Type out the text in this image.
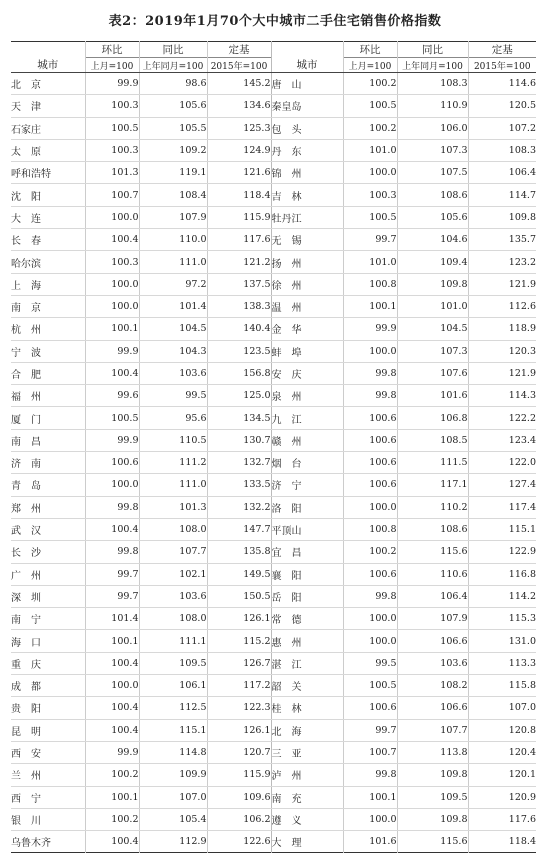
表2：2019年1月70个大中城市二手住宅销售价格指数
城市	环比	同比	定基	城市	环比	同比	定基
	上月=100	上年同月=100	2015年=100		上月=100	上年同月=100	2015年=100
北　京	99.9	98.6	145.2	唐　山	100.2	108.3	114.6
天　津	100.3	105.6	134.6	秦皇岛	100.5	110.9	120.5
石家庄	100.5	105.5	125.3	包　头	100.2	106.0	107.2
太　原	100.3	109.2	124.9	丹　东	101.0	107.3	108.3
呼和浩特	101.3	119.1	121.6	锦　州	100.0	107.5	106.4
沈　阳	100.7	108.4	118.4	吉　林	100.3	108.6	114.7
大　连	100.0	107.9	115.9	牡丹江	100.5	105.6	109.8
长　春	100.4	110.0	117.6	无　锡	99.7	104.6	135.7
哈尔滨	100.3	111.0	121.2	扬　州	101.0	109.4	123.2
上　海	100.0	97.2	137.5	徐　州	100.8	109.8	121.9
南　京	100.0	101.4	138.3	温　州	100.1	101.0	112.6
杭　州	100.1	104.5	140.4	金　华	99.9	104.5	118.9
宁　波	99.9	104.3	123.5	蚌　埠	100.0	107.3	120.3
合　肥	100.4	103.6	156.8	安　庆	99.8	107.6	121.9
福　州	99.6	99.5	125.0	泉　州	99.8	101.6	114.3
厦　门	100.5	95.6	134.5	九　江	100.6	106.8	122.2
南　昌	99.9	110.5	130.7	赣　州	100.6	108.5	123.4
济　南	100.6	111.2	132.7	烟　台	100.6	111.5	122.0
青　岛	100.0	111.0	133.5	济　宁	100.6	117.1	127.4
郑　州	99.8	101.3	132.2	洛　阳	100.0	110.2	117.4
武　汉	100.4	108.0	147.7	平顶山	100.8	108.6	115.1
长　沙	99.8	107.7	135.8	宜　昌	100.2	115.6	122.9
广　州	99.7	102.1	149.5	襄　阳	100.6	110.6	116.8
深　圳	99.7	103.6	150.5	岳　阳	99.8	106.4	114.2
南　宁	101.4	108.0	126.1	常　德	100.0	107.9	115.3
海　口	100.1	111.1	115.2	惠　州	100.0	106.6	131.0
重　庆	100.4	109.5	126.7	湛　江	99.5	103.6	113.3
成　都	100.0	106.1	117.2	韶　关	100.5	108.2	115.8
贵　阳	100.4	112.5	122.3	桂　林	100.6	106.6	107.0
昆　明	100.4	115.1	126.1	北　海	99.7	107.7	120.8
西　安	99.9	114.8	120.7	三　亚	100.7	113.8	120.4
兰　州	100.2	109.9	115.9	泸　州	99.8	109.8	120.1
西　宁	100.1	107.0	109.6	南　充	100.1	109.5	120.9
银　川	100.2	105.4	106.2	遵　义	100.0	109.8	117.6
乌鲁木齐	100.4	112.9	122.6	大　理	101.6	115.6	118.4
